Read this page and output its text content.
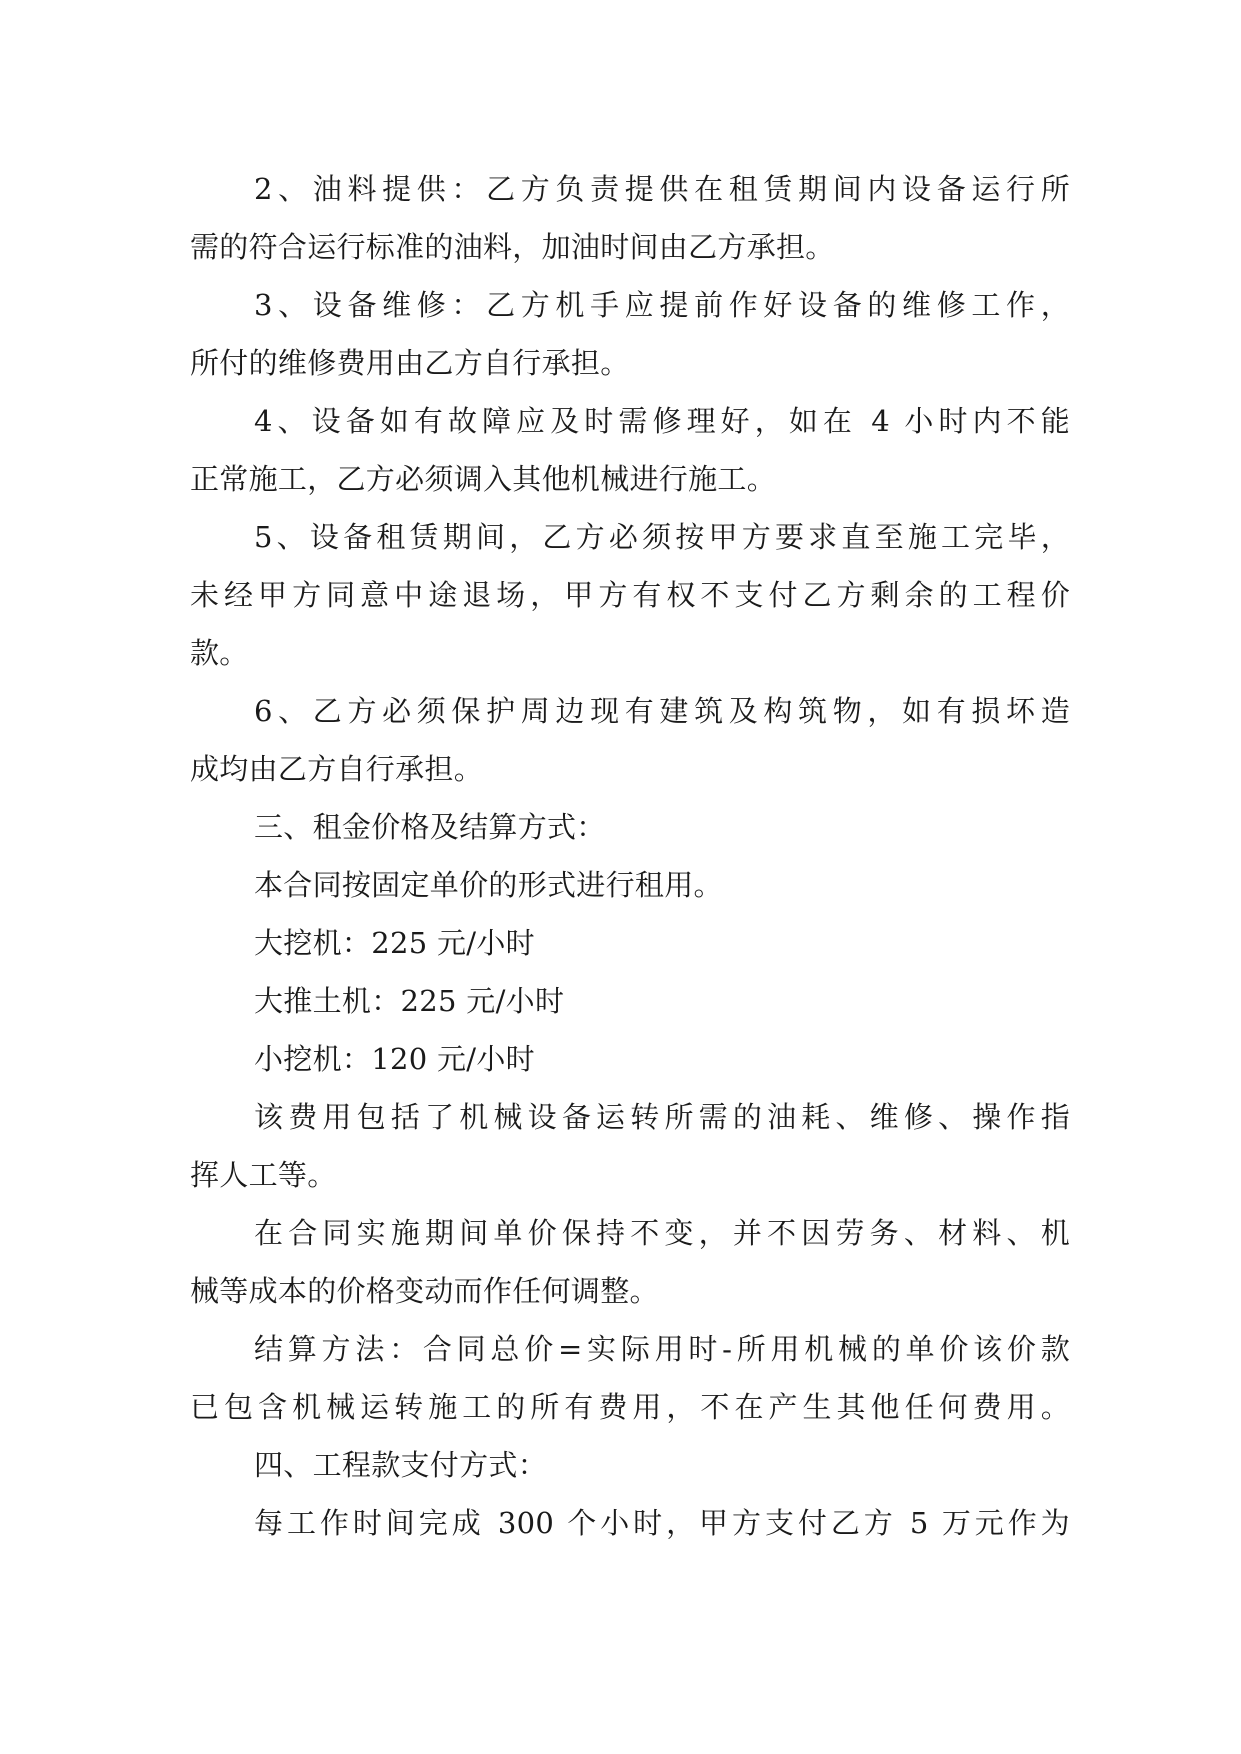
2、油料提供：乙方负责提供在租赁期间内设备运行所
需的符合运行标准的油料，加油时间由乙方承担。
3、设备维修：乙方机手应提前作好设备的维修工作，
所付的维修费用由乙方自行承担。
4、设备如有故障应及时需修理好，如在 4 小时内不能
正常施工，乙方必须调入其他机械进行施工。
5、设备租赁期间，乙方必须按甲方要求直至施工完毕，
未经甲方同意中途退场，甲方有权不支付乙方剩余的工程价
款。
6、乙方必须保护周边现有建筑及构筑物，如有损坏造
成均由乙方自行承担。
三、租金价格及结算方式：
本合同按固定单价的形式进行租用。
大挖机：225 元/小时
大推土机：225 元/小时
小挖机：120 元/小时
该费用包括了机械设备运转所需的油耗、维修、操作指
挥人工等。
在合同实施期间单价保持不变，并不因劳务、材料、机
械等成本的价格变动而作任何调整。
结算方法：合同总价=实际用时-所用机械的单价该价款
已包含机械运转施工的所有费用，不在产生其他任何费用。
四、工程款支付方式：
每工作时间完成 300 个小时，甲方支付乙方 5 万元作为
